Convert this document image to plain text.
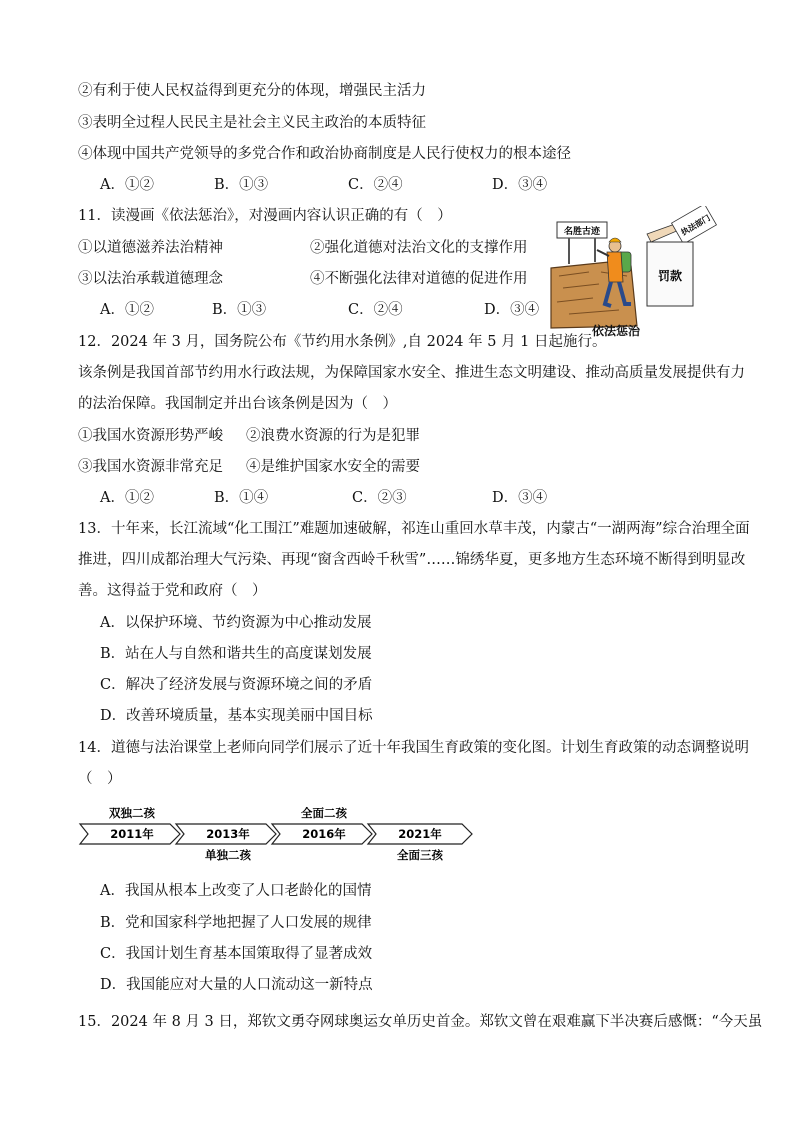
②有利于使人民权益得到更充分的体现，增强民主活力
③表明全过程人民民主是社会主义民主政治的本质特征
④体现中国共产党领导的多党合作和政治协商制度是人民行使权力的根本途径
A．①②	B．①③	C．②④	D．③④
11．读漫画《依法惩治》，对漫画内容认识正确的有（　）
①以道德滋养法治精神	②强化道德对法治文化的支撑作用
③以法治承载道德理念	④不断强化法律对道德的促进作用
A．①②	B．①③	C．②④	D．③④
名胜古迹	执法部门
罚款
依法惩治
12．2024 年 3 月，国务院公布《节约用水条例》,自 2024 年 5 月 1 日起施行。
该条例是我国首部节约用水行政法规，为保障国家水安全、推进生态文明建设、推动高质量发展提供有力
的法治保障。我国制定并出台该条例是因为（　）
①我国水资源形势严峻 ②浪费水资源的行为是犯罪
③我国水资源非常充足 ④是维护国家水安全的需要
A．①②	B．①④	C．②③	D．③④
13．十年来，长江流域“化工围江”难题加速破解，祁连山重回水草丰茂，内蒙古“一湖两海”综合治理全面
推进，四川成都治理大气污染、再现“窗含西岭千秋雪”……锦绣华夏，更多地方生态环境不断得到明显改
善。这得益于党和政府（　）
A．以保护环境、节约资源为中心推动发展
B．站在人与自然和谐共生的高度谋划发展
C．解决了经济发展与资源环境之间的矛盾
D．改善环境质量，基本实现美丽中国目标
14．道德与法治课堂上老师向同学们展示了近十年我国生育政策的变化图。计划生育政策的动态调整说明
（　）
2011年	2013年	2016年	2021年
双独二孩	全面二孩
单独二孩	全面三孩
A．我国从根本上改变了人口老龄化的国情
B．党和国家科学地把握了人口发展的规律
C．我国计划生育基本国策取得了显著成效
D．我国能应对大量的人口流动这一新特点
15．2024 年 8 月 3 日，郑钦文勇夺网球奥运女单历史首金。郑钦文曾在艰难赢下半决赛后感慨：“今天虽
